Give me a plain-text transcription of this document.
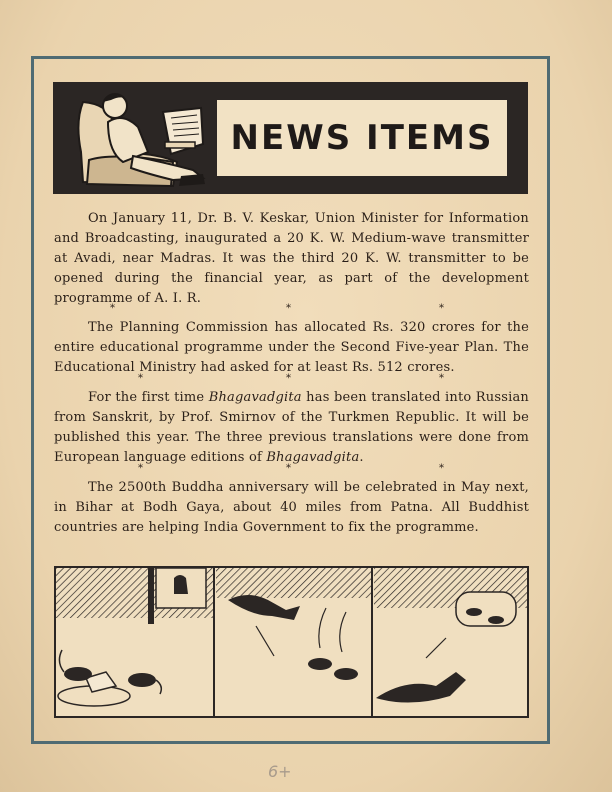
NEWS ITEMS

On January 11, Dr. B. V. Keskar, Union Minister for Information and Broadcasting, inaugurated a 20 K. W. Medium-wave transmitter at Avadi, near Madras. It was the third 20 K. W. transmitter to be opened during the financial year, as part of the development programme of A. I. R.

*	*	*

The Planning Commission has allocated Rs. 320 crores for the entire educational programme under the Second Five-year Plan. The Educational Ministry had asked for at least Rs. 512 crores.

*	*	*

For the first time Bhagavadgita has been translated into Russian from Sanskrit, by Prof. Smirnov of the Turkmen Republic. It will be published this year. The three previous translations were done from European language editions of Bhagavadgita.

*	*	*

The 2500th Buddha anniversary will be celebrated in May next, in Bihar at Bodh Gaya, about 40 miles from Patna. All Buddhist countries are helping India Government to fix the programme.

6+
